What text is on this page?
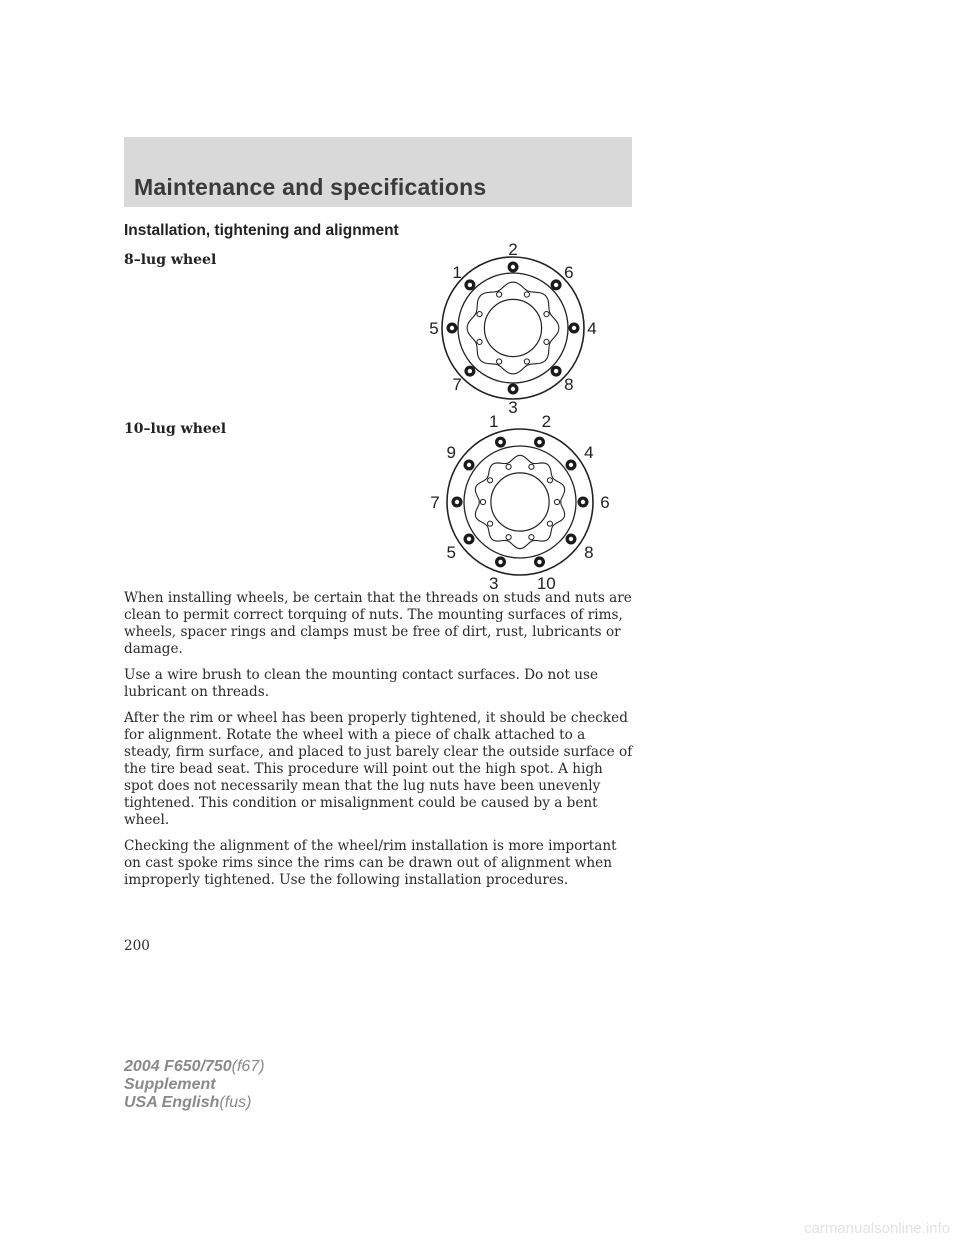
Maintenance and specifications
Installation, tightening and alignment

8–lug wheel

2
6
4
8
3
7
5
1

10–lug wheel	2
4
6
8
10
3
5
7
9
1

When installing wheels, be certain that the threads on studs and nuts are clean to permit correct torquing of nuts. The mounting surfaces of rims, wheels, spacer rings and clamps must be free of dirt, rust, lubricants or damage.

Use a wire brush to clean the mounting contact surfaces. Do not use lubricant on threads.

After the rim or wheel has been properly tightened, it should be checked for alignment. Rotate the wheel with a piece of chalk attached to a steady, firm surface, and placed to just barely clear the outside surface of the tire bead seat. This procedure will point out the high spot. A high spot does not necessarily mean that the lug nuts have been unevenly tightened. This condition or misalignment could be caused by a bent wheel.

Checking the alignment of the wheel/rim installation is more important on cast spoke rims since the rims can be drawn out of alignment when improperly tightened. Use the following installation procedures.

200

2004 F650/750(f67)
Supplement
USA English(fus)
carmanualsonline.info
